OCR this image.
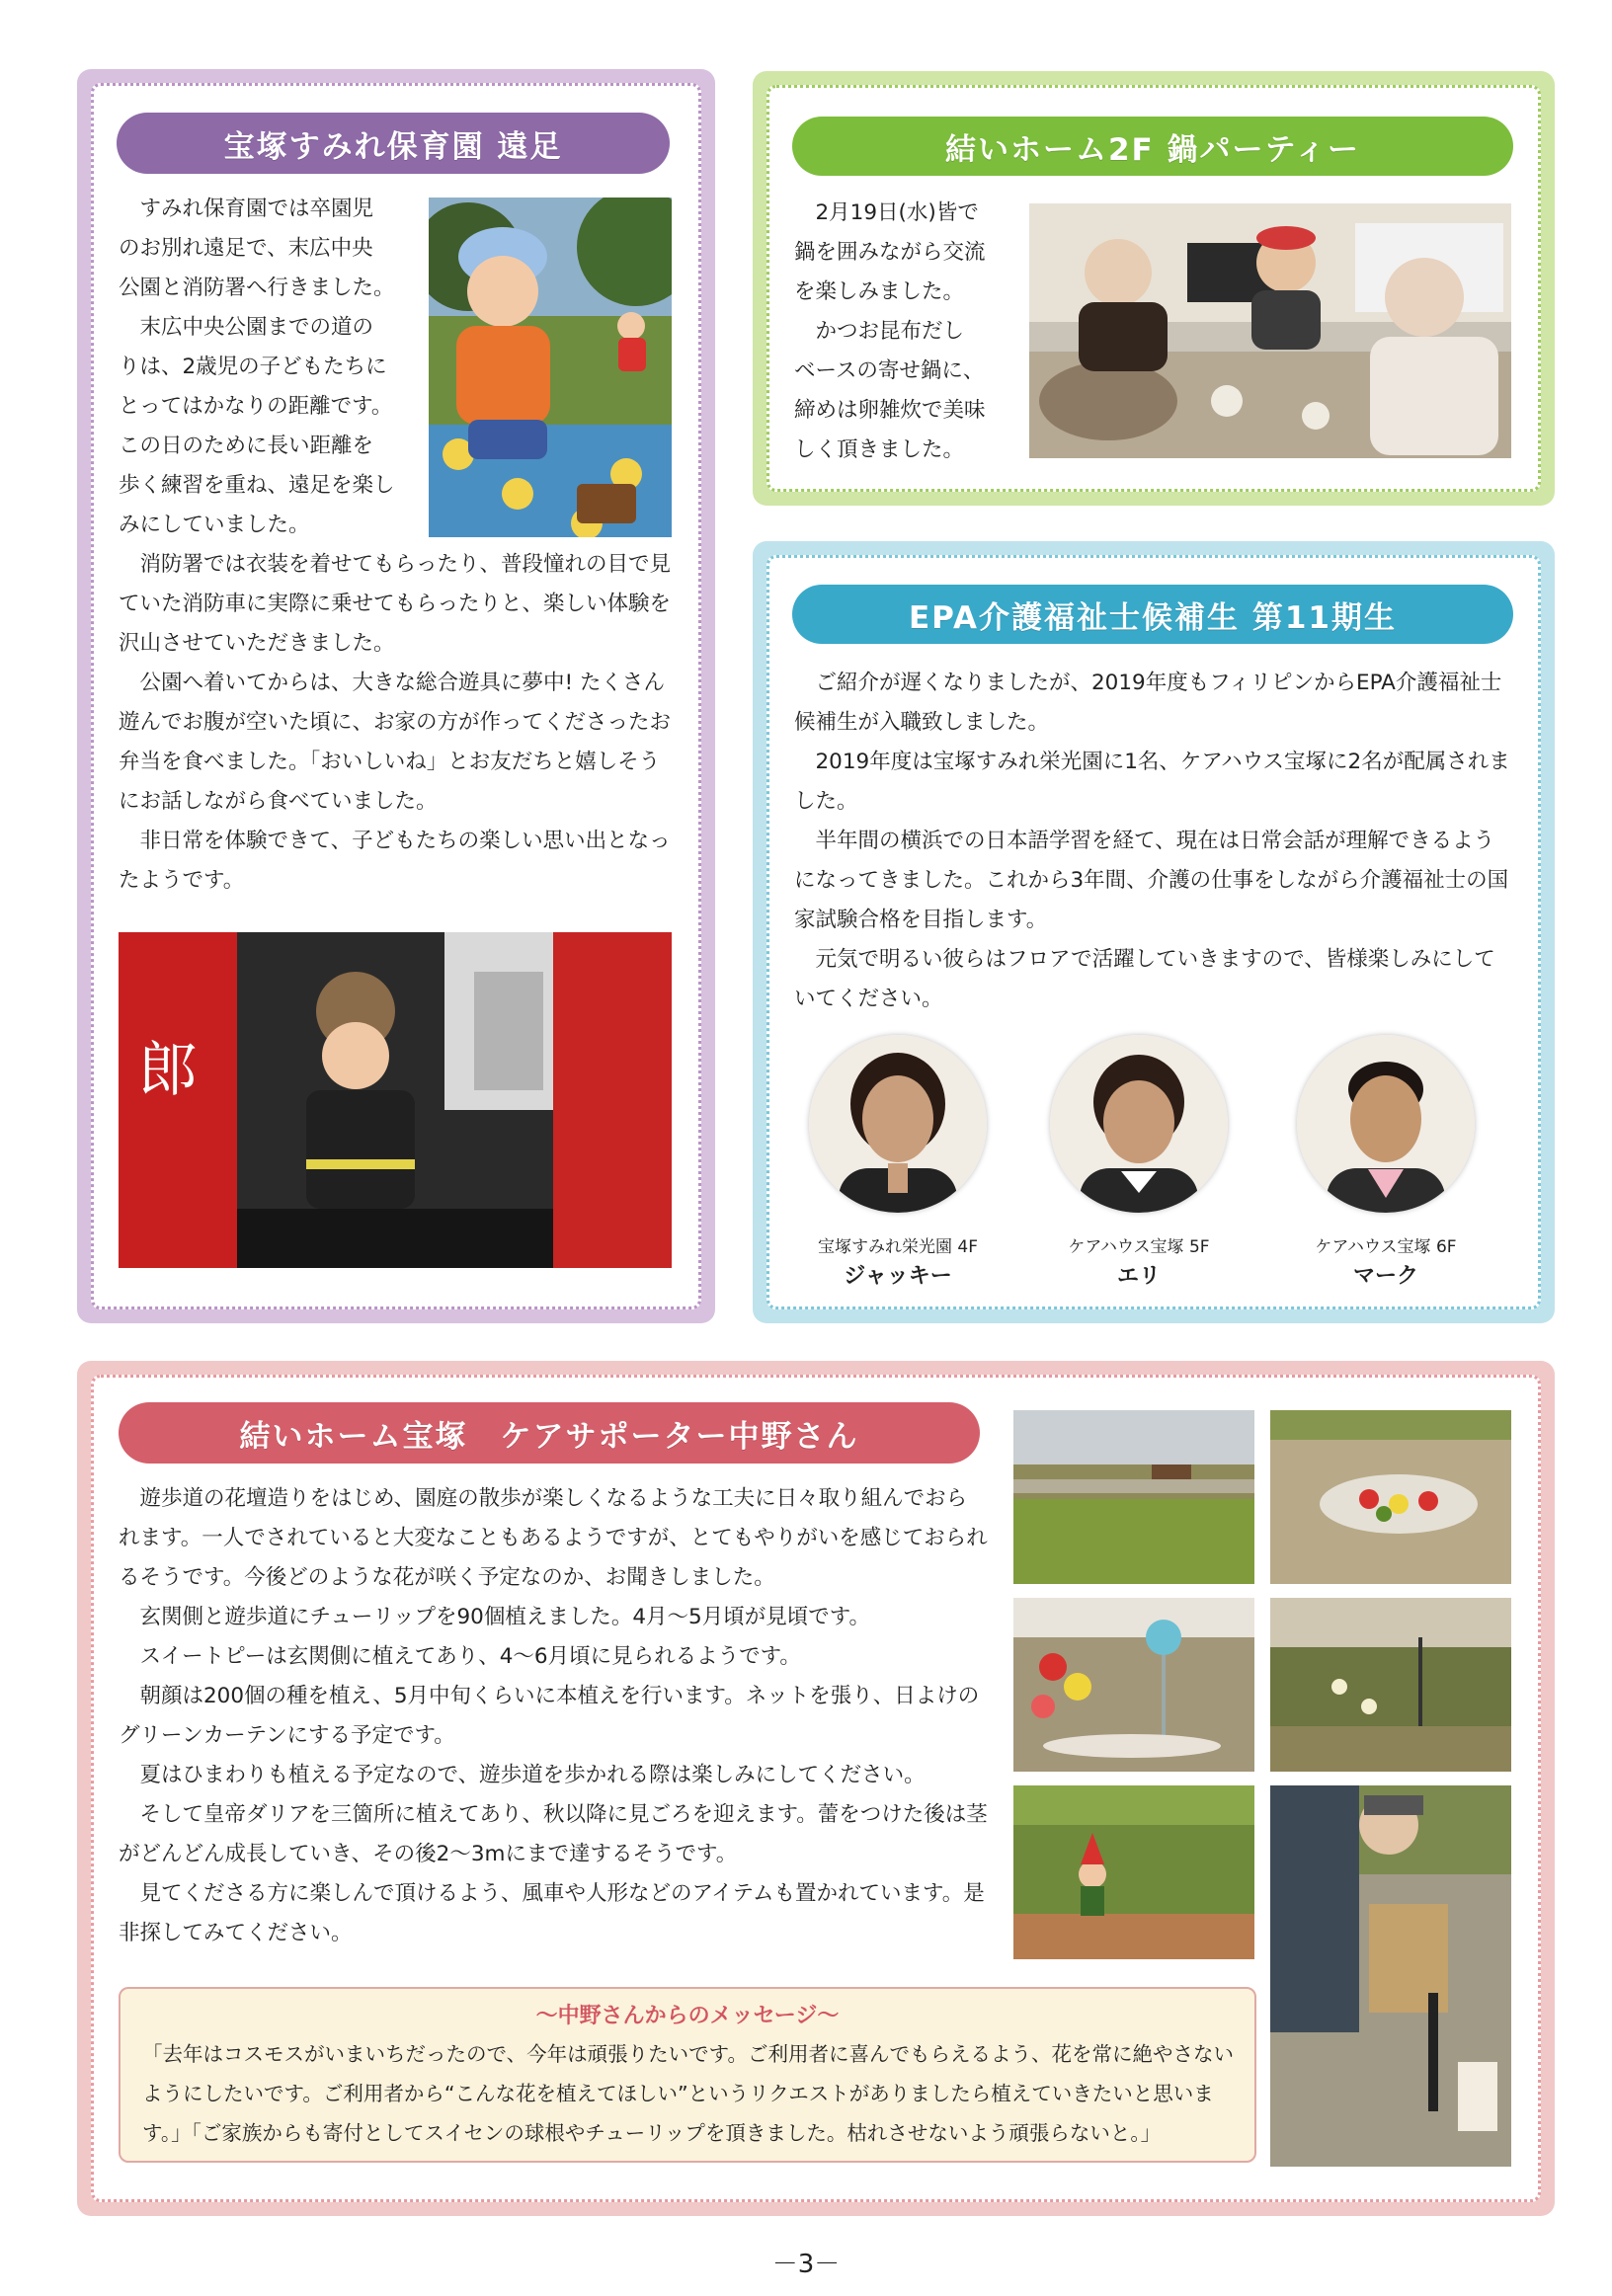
宝塚すみれ保育園 遠足
すみれ保育園では卒園児
のお別れ遠足で、末広中央
公園と消防署へ行きました。
末広中央公園までの道の
りは、2歳児の子どもたちに
とってはかなりの距離です。
この日のために長い距離を
歩く練習を重ね、遠足を楽し
みにしていました。

消防署では衣装を着せてもらったり、普段憧れの目で見ていた消防車に実際に乗せてもらったりと、楽しい体験を沢山させていただきました。

公園へ着いてからは、大きな総合遊具に夢中! たくさん遊んでお腹が空いた頃に、お家の方が作ってくださったお弁当を食べました。「おいしいね」とお友だちと嬉しそうにお話しながら食べていました。

非日常を体験できて、子どもたちの楽しい思い出となったようです。

郎
結いホーム2F 鍋パーティー
2月19日(水)皆で
鍋を囲みながら交流
を楽しみました。
かつお昆布だし
ベースの寄せ鍋に、
締めは卵雑炊で美味
しく頂きました。
EPA介護福祉士候補生 第11期生

ご紹介が遅くなりましたが、2019年度もフィリピンからEPA介護福祉士候補生が入職致しました。

2019年度は宝塚すみれ栄光園に1名、ケアハウス宝塚に2名が配属されました。

半年間の横浜での日本語学習を経て、現在は日常会話が理解できるようになってきました。これから3年間、介護の仕事をしながら介護福祉士の国家試験合格を目指します。

元気で明るい彼らはフロアで活躍していきますので、皆様楽しみにしていてください。

宝塚すみれ栄光園 4F
ジャッキー
ケアハウス宝塚 5F
エリ
ケアハウス宝塚 6F
マーク
結いホーム宝塚　ケアサポーター中野さん

遊歩道の花壇造りをはじめ、園庭の散歩が楽しくなるような工夫に日々取り組んでおられます。一人でされていると大変なこともあるようですが、とてもやりがいを感じておられるそうです。今後どのような花が咲く予定なのか、お聞きしました。

玄関側と遊歩道にチューリップを90個植えました。4月～5月頃が見頃です。

スイートピーは玄関側に植えてあり、4～6月頃に見られるようです。

朝顔は200個の種を植え、5月中旬くらいに本植えを行います。ネットを張り、日よけのグリーンカーテンにする予定です。

夏はひまわりも植える予定なので、遊歩道を歩かれる際は楽しみにしてください。

そして皇帝ダリアを三箇所に植えてあり、秋以降に見ごろを迎えます。蕾をつけた後は茎がどんどん成長していき、その後2～3mにまで達するそうです。

見てくださる方に楽しんで頂けるよう、風車や人形などのアイテムも置かれています。是非探してみてください。

～中野さんからのメッセージ～
「去年はコスモスがいまいちだったので、今年は頑張りたいです。ご利用者に喜んでもらえるよう、花を常に絶やさないようにしたいです。ご利用者から“こんな花を植えてほしい”というリクエストがありましたら植えていきたいと思います。」「ご家族からも寄付としてスイセンの球根やチューリップを頂きました。枯れさせないよう頑張らないと。」
－3－
